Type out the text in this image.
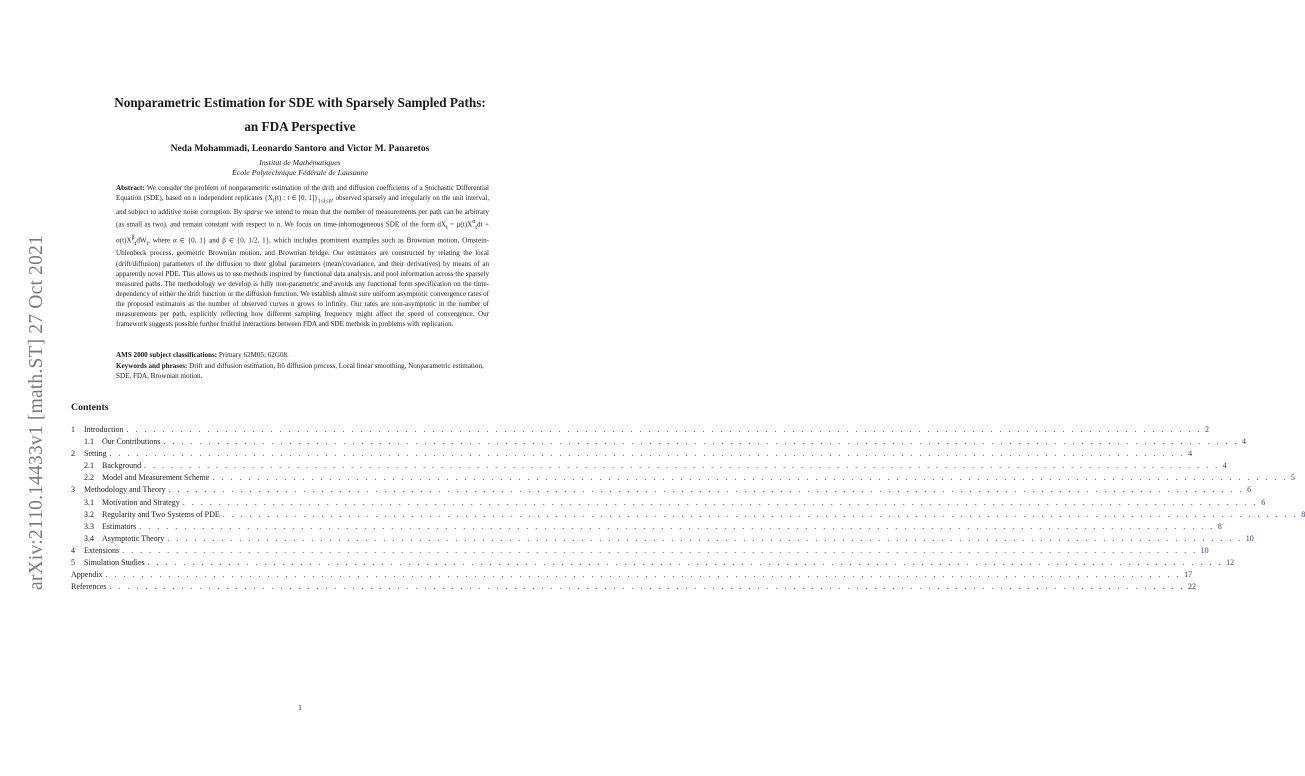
arXiv:2110.14433v1 [math.ST] 27 Oct 2021
Nonparametric Estimation for SDE with Sparsely Sampled Paths:
an FDA Perspective
Neda Mohammadi, Leonardo Santoro and Victor M. Panaretos
Institut de Mathématiques
École Polytechnique Fédérale de Lausanne
Abstract: We consider the problem of nonparametric estimation of the drift and diffusion coefficients of a Stochastic Differential Equation (SDE), based on n independent replicates {$X_i(t)$ : t ∈ [0, $1]\}_{1\le i\le n}$, observed sparsely and irregularly on the unit interval, and subject to additive noise corruption. By sparse we intend to mean that the number of measurements per path can be arbitrary (as small as two), and remain constant with respect to n. We focus on time-inhomogeneous SDE of the form $dX_t = \mu(t)X^\alpha_tdt + \sigma(t)X^\beta_tdW_t$, where α ∈ {0, 1} and β ∈ {0, 1/2, 1}, which includes prominent examples such as Brownian motion, Ornstein-Uhlenbeck process, geometric Brownian motion, and Brownian bridge. Our estimators are constructed by relating the local (drift/diffusion) parameters of the diffusion to their global parameters (mean/covariance, and their derivatives) by means of an apparently novel PDE. This allows us to use methods inspired by functional data analysis, and pool information across the sparsely measured paths. The methodology we develop is fully non-parametric and avoids any functional form specification on the time-dependency of either the drift function or the diffusion function. We establish almost sure uniform asymptotic convergence rates of the proposed estimators as the number of observed curves n grows to infinity. Our rates are non-asymptotic in the number of measurements per path, explicitly reflecting how different sampling frequency might affect the speed of convergence. Our framework suggests possible further fruitful interactions between FDA and SDE methods in problems with replication.
AMS 2000 subject classifications: Primary 62M05; 62G08.
Keywords and phrases: Drift and diffusion estimation, Itô diffusion process, Local linear smoothing, Nonparametric estimation, SDE, FDA, Brownian motion.
Contents
1	Introduction . . . . . . . . . . . . . . . . . . . . . . . . . . . . . . . . . . . . . . . . . . . . . . . . . . . . . . . . . . . . . . . . . . . . . . . . . . . . . . . . . . . . . . . . . . . . . . . . . . . . . . . . . . . . . . . . . . . . . . . . 2
1.1	Our Contributions . . . . . . . . . . . . . . . . . . . . . . . . . . . . . . . . . . . . . . . . . . . . . . . . . . . . . . . . . . . . . . . . . . . . . . . . . . . . . . . . . . . . . . . . . . . . . . . . . . . . . . . . . . . . . . . . . . . . . . . . 4
2	Setting . . . . . . . . . . . . . . . . . . . . . . . . . . . . . . . . . . . . . . . . . . . . . . . . . . . . . . . . . . . . . . . . . . . . . . . . . . . . . . . . . . . . . . . . . . . . . . . . . . . . . . . . . . . . . . . . . . . . . . . . 4
2.1	Background . . . . . . . . . . . . . . . . . . . . . . . . . . . . . . . . . . . . . . . . . . . . . . . . . . . . . . . . . . . . . . . . . . . . . . . . . . . . . . . . . . . . . . . . . . . . . . . . . . . . . . . . . . . . . . . . . . . . . . . . 4
2.2	Model and Measurement Scheme . . . . . . . . . . . . . . . . . . . . . . . . . . . . . . . . . . . . . . . . . . . . . . . . . . . . . . . . . . . . . . . . . . . . . . . . . . . . . . . . . . . . . . . . . . . . . . . . . . . . . . . . . . . . . . . . . . . . . . . . 5
3	Methodology and Theory . . . . . . . . . . . . . . . . . . . . . . . . . . . . . . . . . . . . . . . . . . . . . . . . . . . . . . . . . . . . . . . . . . . . . . . . . . . . . . . . . . . . . . . . . . . . . . . . . . . . . . . . . . . . . . . . . . . . . . . . 6
3.1	Motivation and Strategy . . . . . . . . . . . . . . . . . . . . . . . . . . . . . . . . . . . . . . . . . . . . . . . . . . . . . . . . . . . . . . . . . . . . . . . . . . . . . . . . . . . . . . . . . . . . . . . . . . . . . . . . . . . . . . . . . . . . . . . . 6
3.2	Regularity and Two Systems of PDE . . . . . . . . . . . . . . . . . . . . . . . . . . . . . . . . . . . . . . . . . . . . . . . . . . . . . . . . . . . . . . . . . . . . . . . . . . . . . . . . . . . . . . . . . . . . . . . . . . . . . . . . . . . . . . . . . . . . . . . . 8
3.3	Estimators . . . . . . . . . . . . . . . . . . . . . . . . . . . . . . . . . . . . . . . . . . . . . . . . . . . . . . . . . . . . . . . . . . . . . . . . . . . . . . . . . . . . . . . . . . . . . . . . . . . . . . . . . . . . . . . . . . . . . . . . 8
3.4	Asymptotic Theory . . . . . . . . . . . . . . . . . . . . . . . . . . . . . . . . . . . . . . . . . . . . . . . . . . . . . . . . . . . . . . . . . . . . . . . . . . . . . . . . . . . . . . . . . . . . . . . . . . . . . . . . . . . . . . . . . . . . . . . . 10
4	Extensions . . . . . . . . . . . . . . . . . . . . . . . . . . . . . . . . . . . . . . . . . . . . . . . . . . . . . . . . . . . . . . . . . . . . . . . . . . . . . . . . . . . . . . . . . . . . . . . . . . . . . . . . . . . . . . . . . . . . . . . . 10
5	Simulation Studies . . . . . . . . . . . . . . . . . . . . . . . . . . . . . . . . . . . . . . . . . . . . . . . . . . . . . . . . . . . . . . . . . . . . . . . . . . . . . . . . . . . . . . . . . . . . . . . . . . . . . . . . . . . . . . . . . . . . . . . . 12
Appendix . . . . . . . . . . . . . . . . . . . . . . . . . . . . . . . . . . . . . . . . . . . . . . . . . . . . . . . . . . . . . . . . . . . . . . . . . . . . . . . . . . . . . . . . . . . . . . . . . . . . . . . . . . . . . . . . . . . . . . . . 17
References . . . . . . . . . . . . . . . . . . . . . . . . . . . . . . . . . . . . . . . . . . . . . . . . . . . . . . . . . . . . . . . . . . . . . . . . . . . . . . . . . . . . . . . . . . . . . . . . . . . . . . . . . . . . . . . . . . . . . . . . 22
1
